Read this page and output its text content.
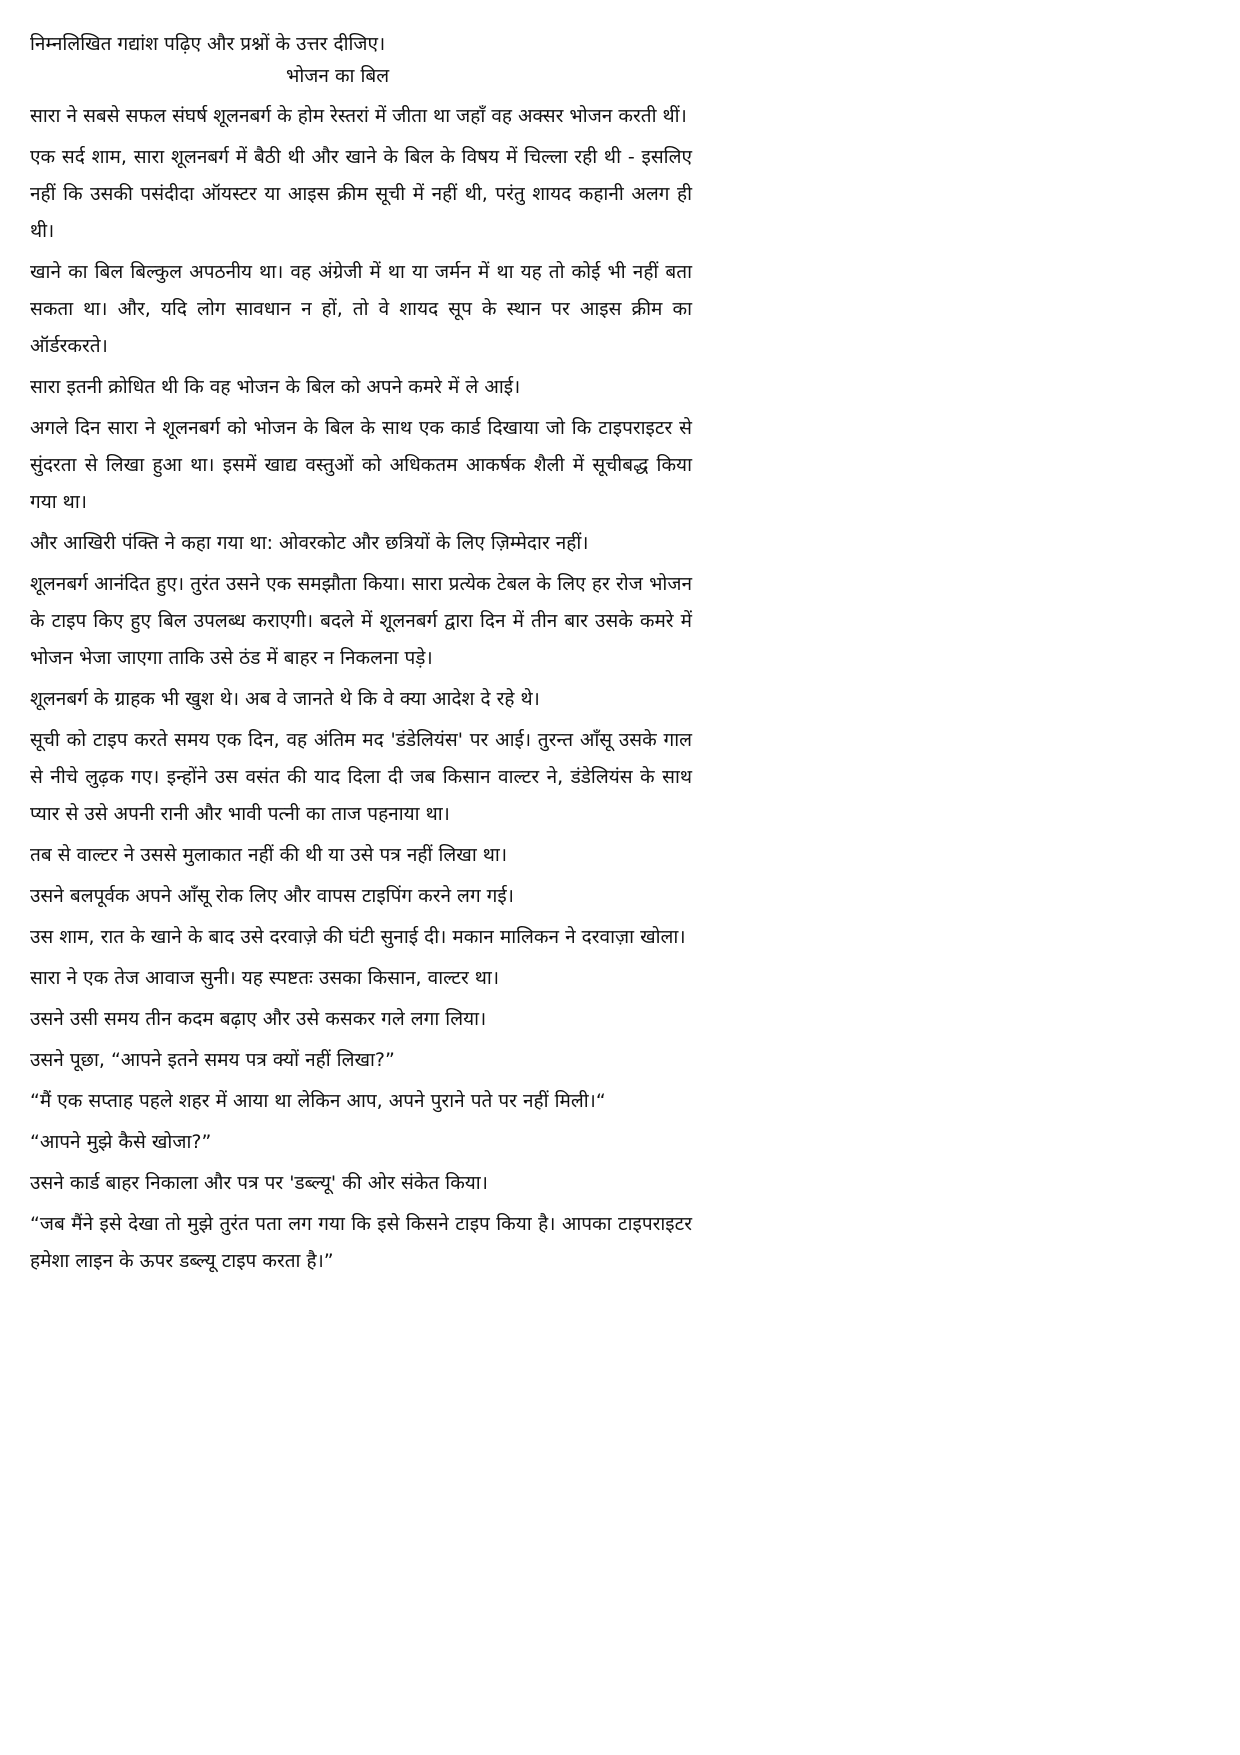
निम्नलिखित गद्यांश पढ़िए और प्रश्नों के उत्तर दीजिए।
भोजन का बिल

सारा ने सबसे सफल संघर्ष शूलनबर्ग के होम रेस्तरां में जीता था जहाँ वह अक्सर भोजन करती थीं।

एक सर्द शाम, सारा शूलनबर्ग में बैठी थी और खाने के बिल के विषय में चिल्ला रही थी - इसलिए नहीं कि उसकी पसंदीदा ऑयस्टर या आइस क्रीम सूची में नहीं थी, परंतु शायद कहानी अलग ही थी।

खाने का बिल बिल्कुल अपठनीय था। वह अंग्रेजी में था या जर्मन में था यह तो कोई भी नहीं बता सकता था। और, यदि लोग सावधान न हों, तो वे शायद सूप के स्थान पर आइस क्रीम का ऑर्डरकरते।

सारा इतनी क्रोधित थी कि वह भोजन के बिल को अपने कमरे में ले आई।

अगले दिन सारा ने शूलनबर्ग को भोजन के बिल के साथ एक कार्ड दिखाया जो कि टाइपराइटर से सुंदरता से लिखा हुआ था। इसमें खाद्य वस्तुओं को अधिकतम आकर्षक शैली में सूचीबद्ध किया गया था।

और आखिरी पंक्ति ने कहा गया था: ओवरकोट और छत्रियों के लिए ज़िम्मेदार नहीं।

शूलनबर्ग आनंदित हुए। तुरंत उसने एक समझौता किया। सारा प्रत्येक टेबल के लिए हर रोज भोजन के टाइप किए हुए बिल उपलब्ध कराएगी। बदले में शूलनबर्ग द्वारा दिन में तीन बार उसके कमरे में भोजन भेजा जाएगा ताकि उसे ठंड में बाहर न निकलना पड़े।

शूलनबर्ग के ग्राहक भी खुश थे। अब वे जानते थे कि वे क्या आदेश दे रहे थे।

सूची को टाइप करते समय एक दिन, वह अंतिम मद 'डंडेलियंस' पर आई। तुरन्त आँसू उसके गाल से नीचे लुढ़क गए। इन्होंने उस वसंत की याद दिला दी जब किसान वाल्टर ने, डंडेलियंस के साथ प्यार से उसे अपनी रानी और भावी पत्नी का ताज पहनाया था।

तब से वाल्टर ने उससे मुलाकात नहीं की थी या उसे पत्र नहीं लिखा था।

उसने बलपूर्वक अपने आँसू रोक लिए और वापस टाइपिंग करने लग गई।

उस शाम, रात के खाने के बाद उसे दरवाज़े की घंटी सुनाई दी। मकान मालिकन ने दरवाज़ा खोला।

सारा ने एक तेज आवाज सुनी। यह स्पष्टतः उसका किसान, वाल्टर था।

उसने उसी समय तीन कदम बढ़ाए और उसे कसकर गले लगा लिया।

उसने पूछा, “आपने इतने समय पत्र क्यों नहीं लिखा?”

“मैं एक सप्ताह पहले शहर में आया था लेकिन आप, अपने पुराने पते पर नहीं मिली।“

“आपने मुझे कैसे खोजा?”

उसने कार्ड बाहर निकाला और पत्र पर 'डब्ल्यू' की ओर संकेत किया।

“जब मैंने इसे देखा तो मुझे तुरंत पता लग गया कि इसे किसने टाइप किया है। आपका टाइपराइटर हमेशा लाइन के ऊपर डब्ल्यू टाइप करता है।”
